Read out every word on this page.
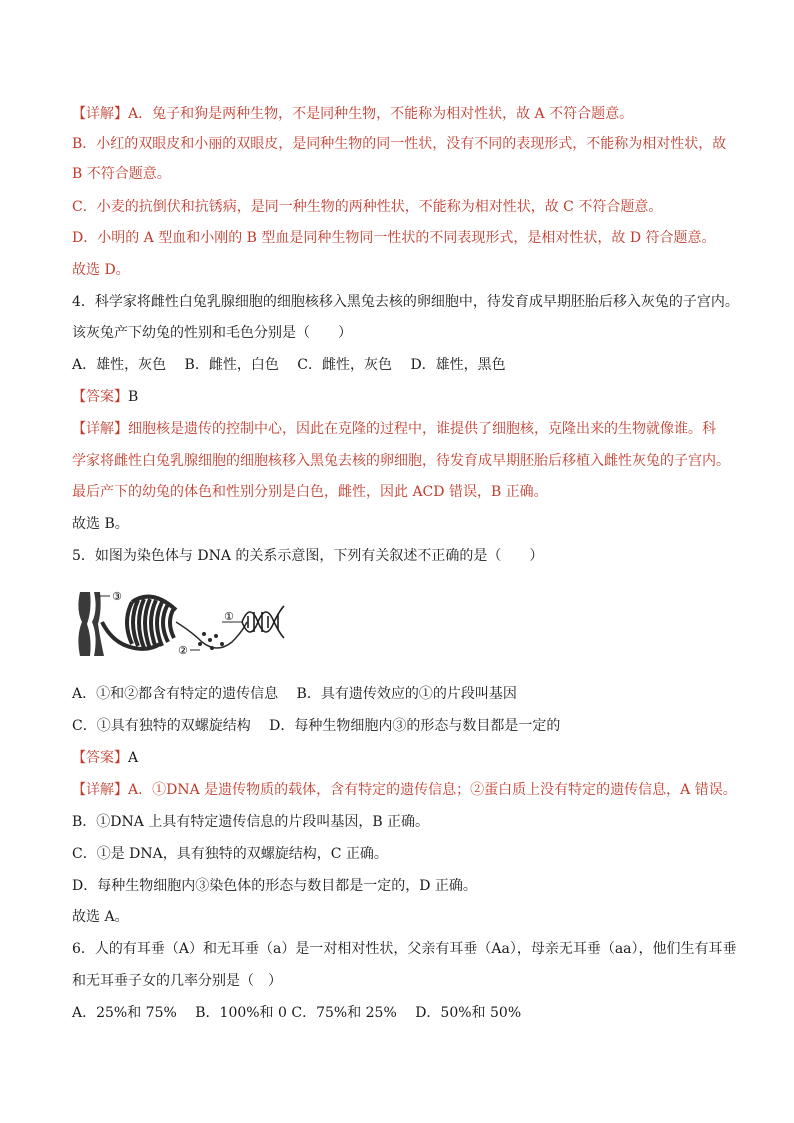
【详解】A．兔子和狗是两种生物，不是同种生物，不能称为相对性状，故 A 不符合题意。
B．小红的双眼皮和小丽的双眼皮，是同种生物的同一性状，没有不同的表现形式，不能称为相对性状，故
B 不符合题意。
C．小麦的抗倒伏和抗锈病，是同一种生物的两种性状，不能称为相对性状，故 C 不符合题意。
D．小明的 A 型血和小刚的 B 型血是同种生物同一性状的不同表现形式，是相对性状，故 D 符合题意。
故选 D。
4．科学家将雌性白兔乳腺细胞的细胞核移入黑兔去核的卵细胞中，待发育成早期胚胎后移入灰兔的子宫内。
该灰兔产下幼兔的性别和毛色分别是（　　）
A．雄性，灰色　 B．雌性，白色　 C．雌性，灰色　 D．雄性，黑色
【答案】B
【详解】细胞核是遗传的控制中心，因此在克隆的过程中，谁提供了细胞核，克隆出来的生物就像谁。科
学家将雌性白兔乳腺细胞的细胞核移入黑兔去核的卵细胞，待发育成早期胚胎后移植入雌性灰兔的子宫内。
最后产下的幼兔的体色和性别分别是白色，雌性，因此 ACD 错误，B 正确。
故选 B。
5．如图为染色体与 DNA 的关系示意图，下列有关叙述不正确的是（　　）
③
②
①
A．①和②都含有特定的遗传信息　 B．具有遗传效应的①的片段叫基因
C．①具有独特的双螺旋结构　 D．每种生物细胞内③的形态与数目都是一定的
【答案】A
【详解】A．①DNA 是遗传物质的载体，含有特定的遗传信息；②蛋白质上没有特定的遗传信息，A 错误。
B．①DNA 上具有特定遗传信息的片段叫基因，B 正确。
C．①是 DNA，具有独特的双螺旋结构，C 正确。
D．每种生物细胞内③染色体的形态与数目都是一定的，D 正确。
故选 A。
6．人的有耳垂（A）和无耳垂（a）是一对相对性状，父亲有耳垂（Aa），母亲无耳垂（aa），他们生有耳垂
和无耳垂子女的几率分别是（　）
A．25%和 75%　 B．100%和 0 C．75%和 25%　 D．50%和 50%
